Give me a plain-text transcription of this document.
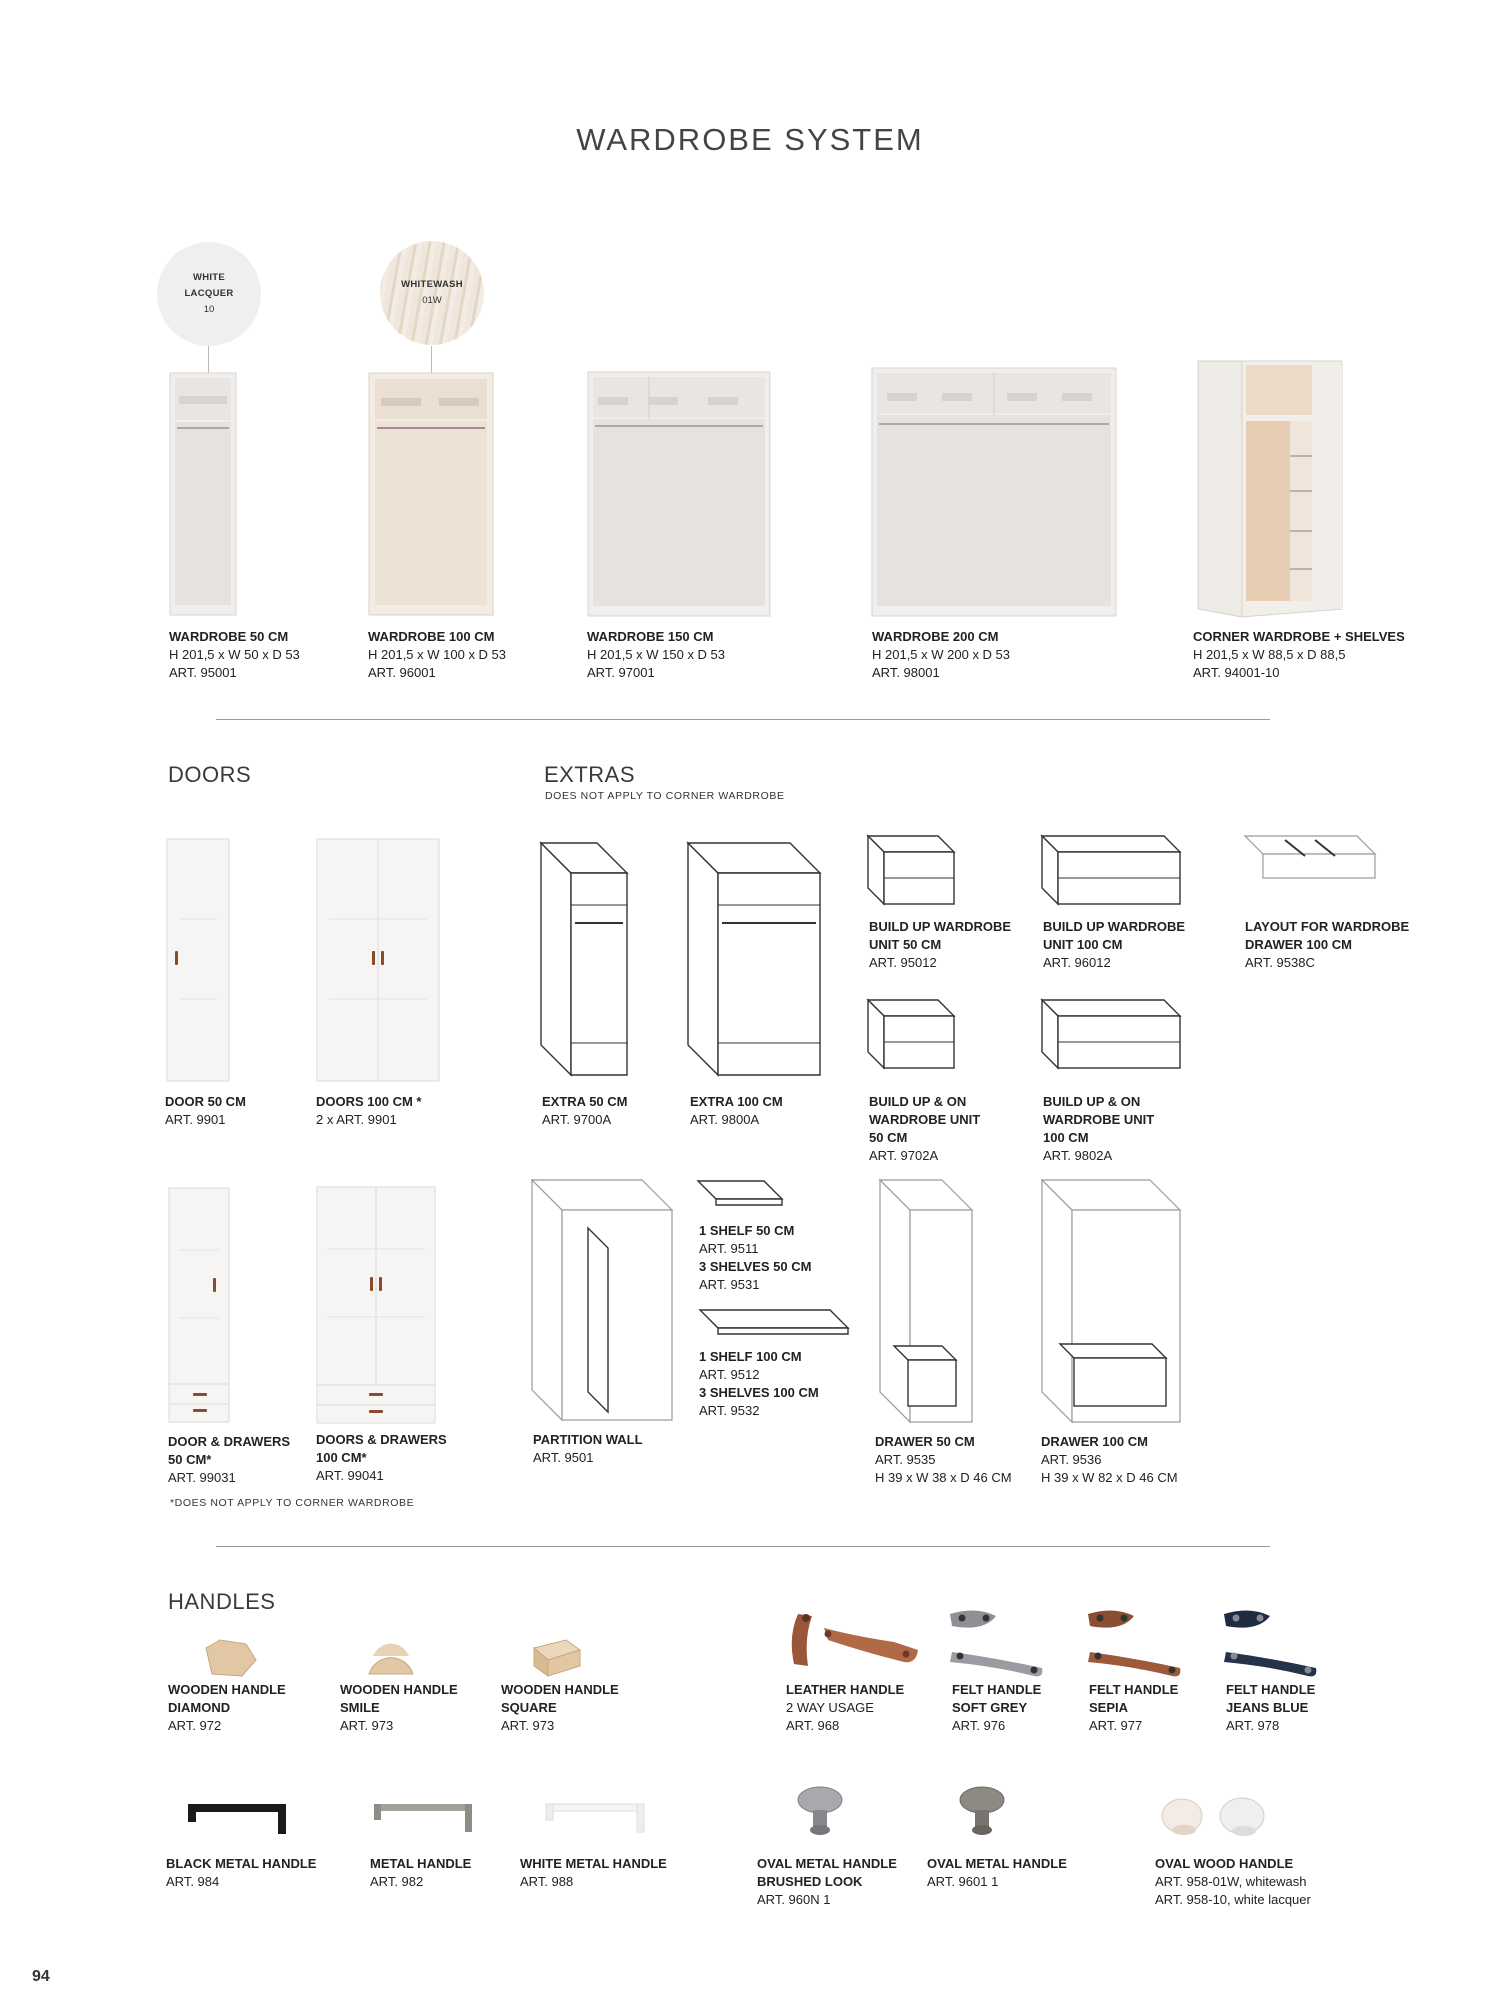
WARDROBE SYSTEM
WHITE
LACQUER
10
WHITEWASH
01W
WARDROBE 50 CM
H 201,5 x W 50 x D 53
ART. 95001
WARDROBE 100 CM
H 201,5 x W 100 x D 53
ART. 96001
WARDROBE 150 CM
H 201,5 x W 150 x D 53
ART. 97001
WARDROBE 200 CM
H 201,5 x W 200 x D 53
ART. 98001
CORNER WARDROBE + SHELVES
H 201,5 x W 88,5 x D 88,5
ART. 94001-10
DOORS	EXTRAS
DOES NOT APPLY TO CORNER WARDROBE
DOOR 50 CM
ART. 9901
DOORS 100 CM *
2 x ART. 9901
DOOR & DRAWERS
50 CM*
ART. 99031
DOORS & DRAWERS
100 CM*
ART. 99041
*DOES NOT APPLY TO CORNER WARDROBE
EXTRA 50 CM
ART. 9700A
EXTRA 100 CM
ART. 9800A
BUILD UP WARDROBE
UNIT 50 CM
ART. 95012
BUILD UP WARDROBE
UNIT 100 CM
ART. 96012
LAYOUT FOR WARDROBE
DRAWER 100 CM
ART. 9538C
BUILD UP & ON
WARDROBE UNIT
50 CM
ART. 9702A
BUILD UP & ON
WARDROBE UNIT
100 CM
ART. 9802A
PARTITION WALL
ART. 9501
1 SHELF 50 CM
ART. 9511
3 SHELVES 50 CM
ART. 9531
1 SHELF 100 CM
ART. 9512
3 SHELVES 100 CM
ART. 9532
DRAWER 50 CM
ART. 9535
H 39 x W 38 x D 46 CM
DRAWER 100 CM
ART. 9536
H 39 x W 82 x D 46 CM
HANDLES
WOODEN HANDLE
DIAMOND
ART. 972
WOODEN HANDLE
SMILE
ART. 973
WOODEN HANDLE
SQUARE
ART. 973
LEATHER HANDLE
2 WAY USAGE
ART. 968
FELT HANDLE
SOFT GREY
ART. 976
FELT HANDLE
SEPIA
ART. 977
FELT HANDLE
JEANS BLUE
ART. 978
BLACK METAL HANDLE
ART. 984
METAL HANDLE
ART. 982
WHITE METAL HANDLE
ART. 988
OVAL METAL HANDLE
BRUSHED LOOK
ART. 960N 1
OVAL METAL HANDLE
ART. 9601 1
OVAL WOOD HANDLE
ART. 958-01W, whitewash
ART. 958-10, white lacquer
94
